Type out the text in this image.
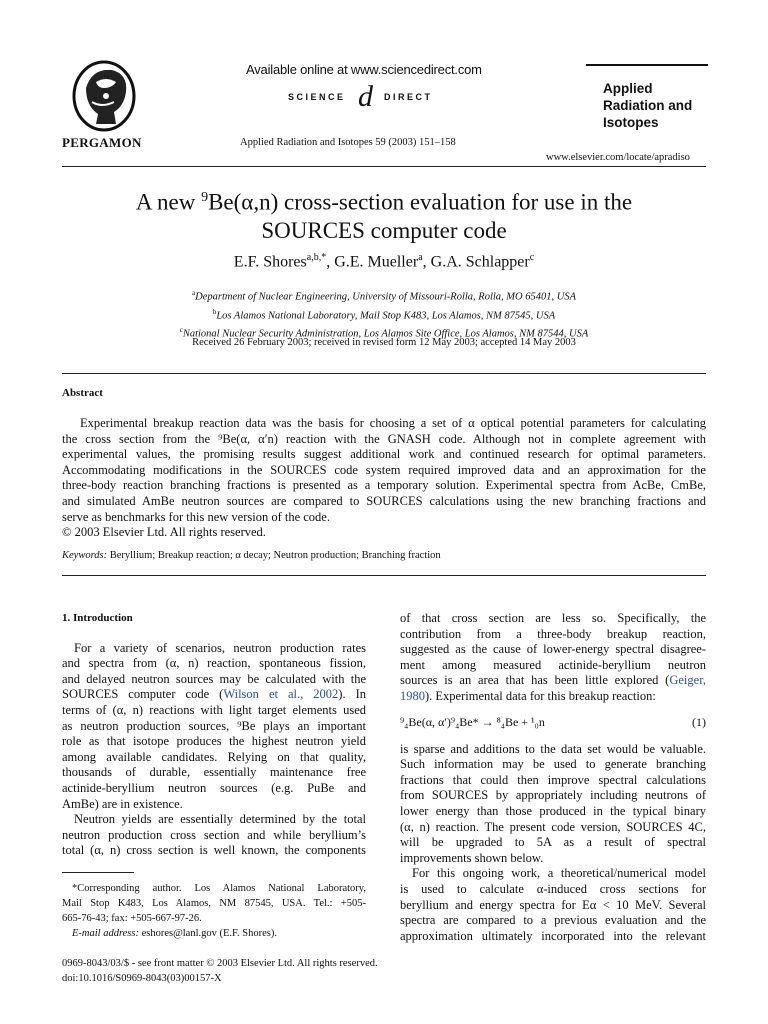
PERGAMON
Available online at www.sciencedirect.com
SCIENCE d DIRECT
Applied Radiation and Isotopes 59 (2003) 151–158
Applied
Radiation and
Isotopes
www.elsevier.com/locate/apradiso
A new $^9$Be(α,n) cross-section evaluation for use in the
SOURCES computer code
E.F. Shores$^{a,b,*}$, G.E. Mueller$^a$, G.A. Schlapper$^c$
$^a$Department of Nuclear Engineering, University of Missouri-Rolla, Rolla, MO 65401, USA
$^b$Los Alamos National Laboratory, Mail Stop K483, Los Alamos, NM 87545, USA
$^c$National Nuclear Security Administration, Los Alamos Site Office, Los Alamos, NM 87544, USA
Received 26 February 2003; received in revised form 12 May 2003; accepted 14 May 2003
Abstract
Experimental breakup reaction data was the basis for choosing a set of α optical potential parameters for calculating
the cross section from the ⁹Be(α, α′n) reaction with the GNASH code. Although not in complete agreement with
experimental values, the promising results suggest additional work and continued research for optimal parameters.
Accommodating modifications in the SOURCES code system required improved data and an approximation for the
three-body reaction branching fractions is presented as a temporary solution. Experimental spectra from AcBe, CmBe,
and simulated AmBe neutron sources are compared to SOURCES calculations using the new branching fractions and
serve as benchmarks for this new version of the code.
© 2003 Elsevier Ltd. All rights reserved.
Keywords: Beryllium; Breakup reaction; α decay; Neutron production; Branching fraction
1. Introduction
For a variety of scenarios, neutron production rates
and spectra from (α, n) reaction, spontaneous fission,
and delayed neutron sources may be calculated with the
SOURCES computer code (Wilson et al., 2002). In
terms of (α, n) reactions with light target elements used
as neutron production sources, ⁹Be plays an important
role as that isotope produces the highest neutron yield
among available candidates. Relying on that quality,
thousands of durable, essentially maintenance free
actinide-beryllium neutron sources (e.g. PuBe and
AmBe) are in existence.
Neutron yields are essentially determined by the total
neutron production cross section and while beryllium’s
total (α, n) cross section is well known, the components
*Corresponding author. Los Alamos National Laboratory,
Mail Stop K483, Los Alamos, NM 87545, USA. Tel.: +505-
665-76-43; fax: +505-667-97-26.
E-mail address: eshores@lanl.gov (E.F. Shores).
of that cross section are less so. Specifically, the
contribution from a three-body breakup reaction,
suggested as the cause of lower-energy spectral disagree-
ment among measured actinide-beryllium neutron
sources is an area that has been little explored (Geiger,
1980). Experimental data for this breakup reaction:
⁹₄Be(α, α′)⁹₄Be* → ⁸₄Be + ¹₀n	(1)
is sparse and additions to the data set would be valuable.
Such information may be used to generate branching
fractions that could then improve spectral calculations
from SOURCES by appropriately including neutrons of
lower energy than those produced in the typical binary
(α, n) reaction. The present code version, SOURCES 4C,
will be upgraded to 5A as a result of spectral
improvements shown below.
For this ongoing work, a theoretical/numerical model
is used to calculate α-induced cross sections for
beryllium and energy spectra for Eα < 10 MeV. Several
spectra are compared to a previous evaluation and the
approximation ultimately incorporated into the relevant
0969-8043/03/$ - see front matter © 2003 Elsevier Ltd. All rights reserved.
doi:10.1016/S0969-8043(03)00157-X
